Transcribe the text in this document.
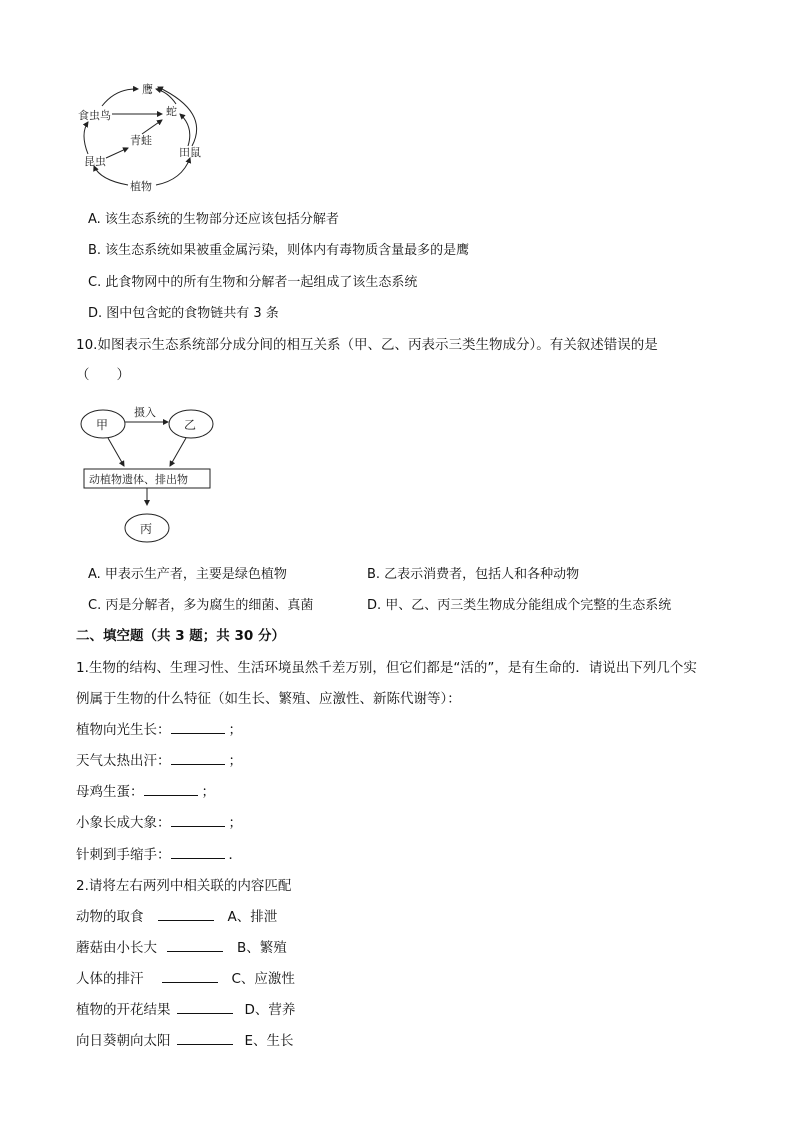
鹰
食虫鸟	蛇
青蛙
田鼠
昆虫
植物
A. 该生态系统的生物部分还应该包括分解者
B. 该生态系统如果被重金属污染，则体内有毒物质含量最多的是鹰
C. 此食物网中的所有生物和分解者一起组成了该生态系统
D. 图中包含蛇的食物链共有 3 条
10.如图表示生态系统部分成分间的相互关系（甲、乙、丙表示三类生物成分）。有关叙述错误的是
（　　）
甲	乙
摄入
动植物遗体、排出物
丙
A. 甲表示生产者，主要是绿色植物	B. 乙表示消费者，包括人和各种动物
C. 丙是分解者，多为腐生的细菌、真菌	D. 甲、乙、丙三类生物成分能组成个完整的生态系统
二、填空题（共 3 题；共 30 分）
1.生物的结构、生理习性、生活环境虽然千差万别，但它们都是“活的”，是有生命的．请说出下列几个实
例属于生物的什么特征（如生长、繁殖、应激性、新陈代谢等）：
植物向光生长：	；
天气太热出汗：	；
母鸡生蛋：	；
小象长成大象：	；
针刺到手缩手：	．
2.请将左右两列中相关联的内容匹配
动物的取食	A、排泄
蘑菇由小长大	B、繁殖
人体的排汗	C、应激性
植物的开花结果	D、营养
向日葵朝向太阳	E、生长
